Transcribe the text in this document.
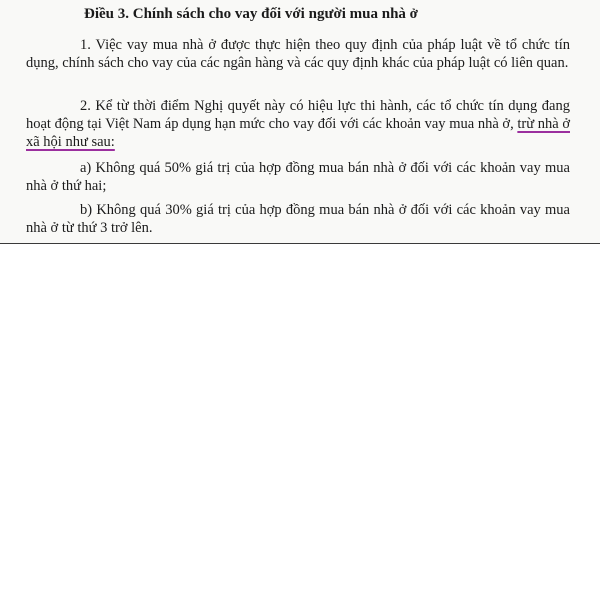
Điều 3. Chính sách cho vay đối với người mua nhà ở
1. Việc vay mua nhà ở được thực hiện theo quy định của pháp luật về tổ chức tín dụng, chính sách cho vay của các ngân hàng và các quy định khác của pháp luật có liên quan.
2. Kể từ thời điểm Nghị quyết này có hiệu lực thi hành, các tổ chức tín dụng đang hoạt động tại Việt Nam áp dụng hạn mức cho vay đối với các khoản vay mua nhà ở, trừ nhà ở xã hội như sau:
a) Không quá 50% giá trị của hợp đồng mua bán nhà ở đối với các khoản vay mua nhà ở thứ hai;
b) Không quá 30% giá trị của hợp đồng mua bán nhà ở đối với các khoản vay mua nhà ở từ thứ 3 trở lên.
